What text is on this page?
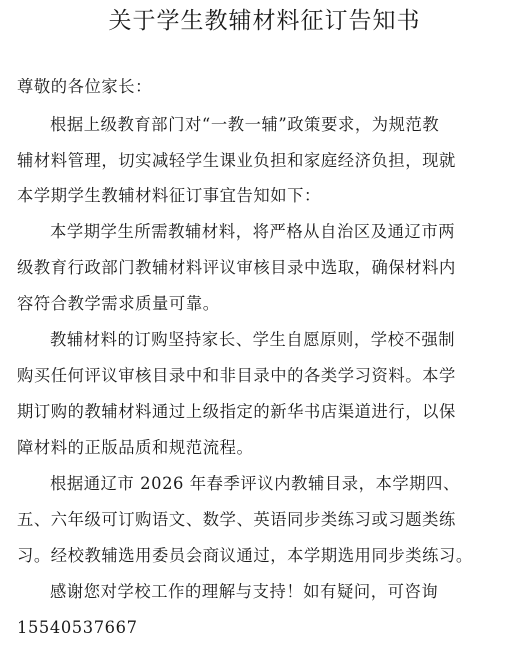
关于学生教辅材料征订告知书
尊敬的各位家长：
根据上级教育部门对“一教一辅”政策要求，为规范教
辅材料管理，切实减轻学生课业负担和家庭经济负担，现就
本学期学生教辅材料征订事宜告知如下：
本学期学生所需教辅材料，将严格从自治区及通辽市两
级教育行政部门教辅材料评议审核目录中选取，确保材料内
容符合教学需求质量可靠。
教辅材料的订购坚持家长、学生自愿原则，学校不强制
购买任何评议审核目录中和非目录中的各类学习资料。本学
期订购的教辅材料通过上级指定的新华书店渠道进行，以保
障材料的正版品质和规范流程。
根据通辽市 2026 年春季评议内教辅目录，本学期四、
五、六年级可订购语文、数学、英语同步类练习或习题类练
习。经校教辅选用委员会商议通过，本学期选用同步类练习。
感谢您对学校工作的理解与支持！如有疑问，可咨询
15540537667
